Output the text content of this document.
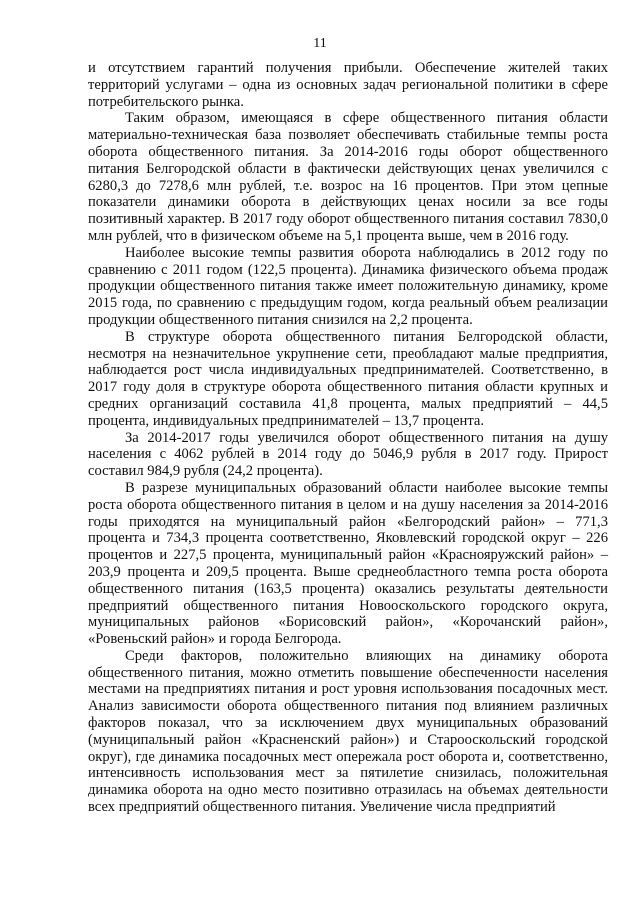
11

и отсутствием гарантий получения прибыли. Обеспечение жителей таких территорий услугами – одна из основных задач региональной политики в сфере потребительского рынка.

Таким образом, имеющаяся в сфере общественного питания области материально-техническая база позволяет обеспечивать стабильные темпы роста оборота общественного питания. За 2014-2016 годы оборот общественного питания Белгородской области в фактически действующих ценах увеличился с 6280,3 до 7278,6 млн рублей, т.е. возрос на 16 процентов. При этом цепные показатели динамики оборота в действующих ценах носили за все годы позитивный характер. В 2017 году оборот общественного питания составил 7830,0 млн рублей, что в физическом объеме на 5,1 процента выше, чем в 2016 году.

Наиболее высокие темпы развития оборота наблюдались в 2012 году по сравнению с 2011 годом (122,5 процента). Динамика физического объема продаж продукции общественного питания также имеет положительную динамику, кроме 2015 года, по сравнению с предыдущим годом, когда реальный объем реализации продукции общественного питания снизился на 2,2 процента.

В структуре оборота общественного питания Белгородской области, несмотря на незначительное укрупнение сети, преобладают малые предприятия, наблюдается рост числа индивидуальных предпринимателей. Соответственно, в 2017 году доля в структуре оборота общественного питания области крупных и средних организаций составила 41,8 процента, малых предприятий – 44,5 процента, индивидуальных предпринимателей – 13,7 процента.

За 2014-2017 годы увеличился оборот общественного питания на душу населения с 4062 рублей в 2014 году до 5046,9 рубля в 2017 году. Прирост составил 984,9 рубля (24,2 процента).

В разрезе муниципальных образований области наиболее высокие темпы роста оборота общественного питания в целом и на душу населения за 2014-2016 годы приходятся на муниципальный район «Белгородский район» – 771,3 процента и 734,3 процента соответственно, Яковлевский городской округ – 226 процентов и 227,5 процента, муниципальный район «Краснояружский район» – 203,9 процента и 209,5 процента. Выше среднеобластного темпа роста оборота общественного питания (163,5 процента) оказались результаты деятельности предприятий общественного питания Новооскольского городского округа, муниципальных районов «Борисовский район», «Корочанский район», «Ровеньский район» и города Белгорода.

Среди факторов, положительно влияющих на динамику оборота общественного питания, можно отметить повышение обеспеченности населения местами на предприятиях питания и рост уровня использования посадочных мест. Анализ зависимости оборота общественного питания под влиянием различных факторов показал, что за исключением двух муниципальных образований (муниципальный район «Красненский район») и Старооскольский городской округ), где динамика посадочных мест опережала рост оборота и, соответственно, интенсивность использования мест за пятилетие снизилась, положительная динамика оборота на одно место позитивно отразилась на объемах деятельности всех предприятий общественного питания. Увеличение числа предприятий
